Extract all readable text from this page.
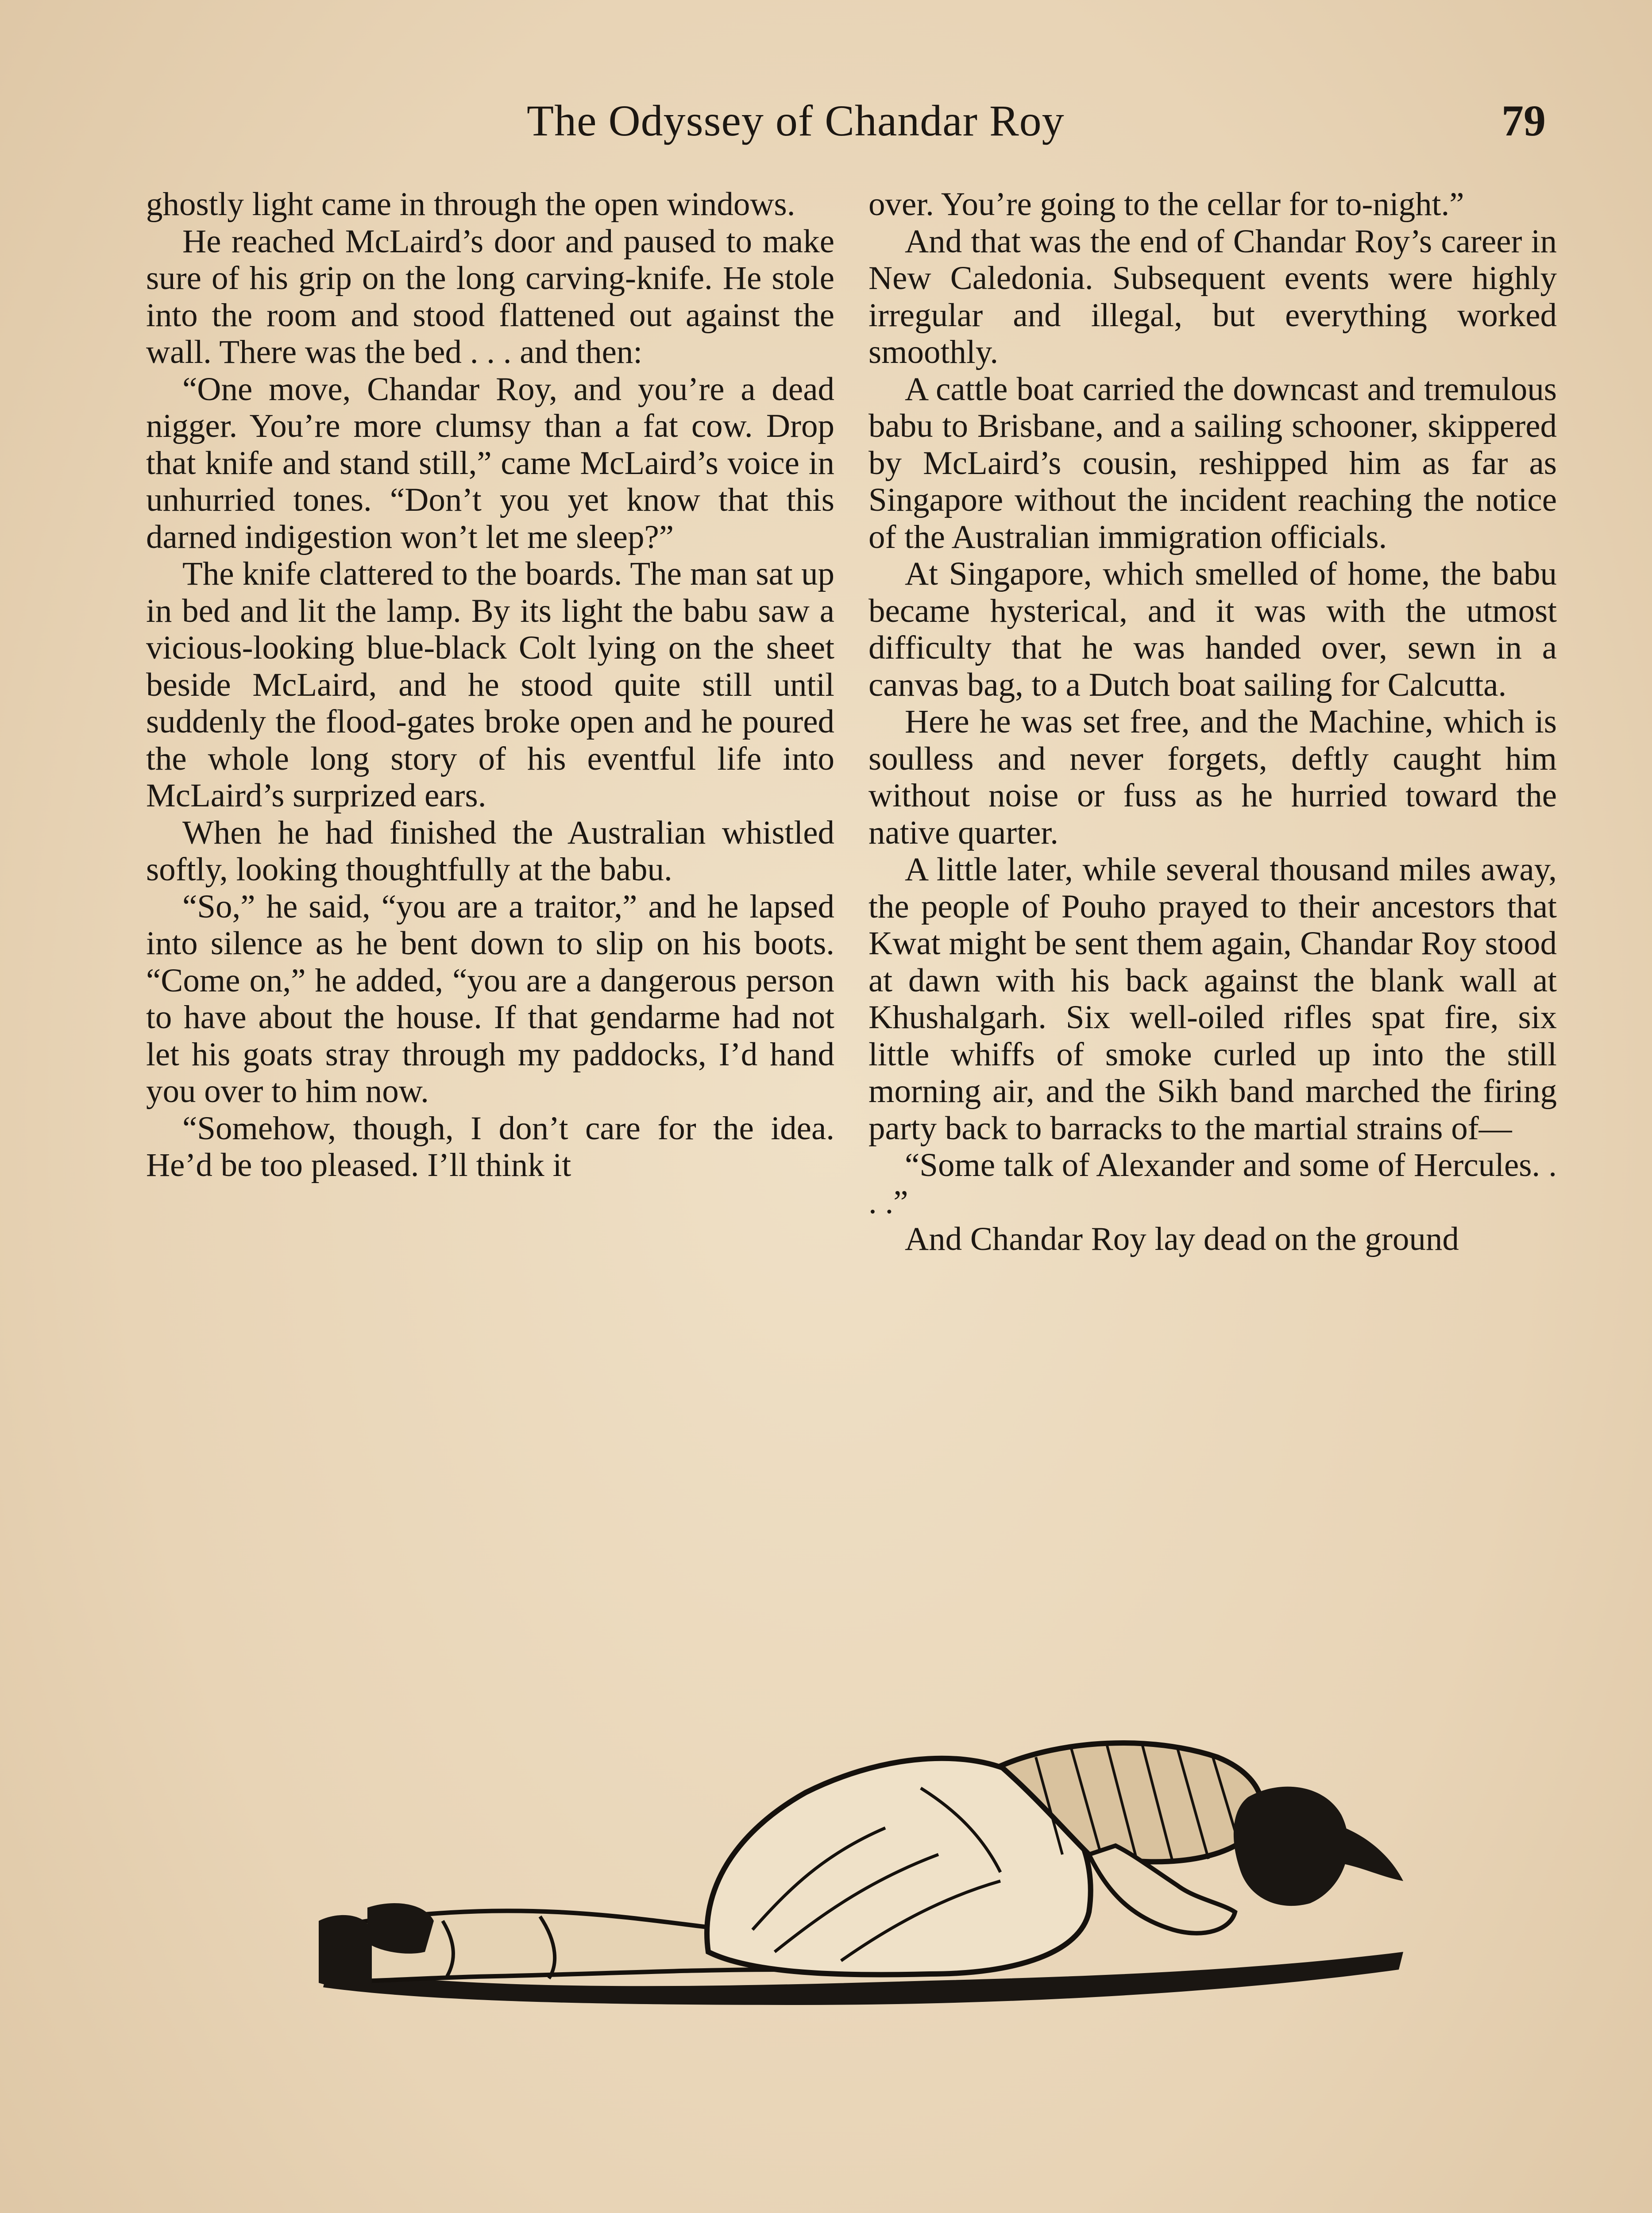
The Odyssey of Chandar Roy	79

ghostly light came in through the open windows.

He reached McLaird’s door and paused to make sure of his grip on the long carving-knife. He stole into the room and stood flattened out against the wall. There was the bed . . . and then:

“One move, Chandar Roy, and you’re a dead nigger. You’re more clumsy than a fat cow. Drop that knife and stand still,” came McLaird’s voice in unhurried tones. “Don’t you yet know that this darned indigestion won’t let me sleep?”

The knife clattered to the boards. The man sat up in bed and lit the lamp. By its light the babu saw a vicious-looking blue-black Colt lying on the sheet beside McLaird, and he stood quite still until suddenly the flood-gates broke open and he poured the whole long story of his eventful life into McLaird’s surprized ears.

When he had finished the Australian whistled softly, looking thoughtfully at the babu.

“So,” he said, “you are a traitor,” and he lapsed into silence as he bent down to slip on his boots. “Come on,” he added, “you are a dangerous person to have about the house. If that gendarme had not let his goats stray through my paddocks, I’d hand you over to him now.

“Somehow, though, I don’t care for the idea. He’d be too pleased. I’ll think it

over. You’re going to the cellar for to-night.”

And that was the end of Chandar Roy’s career in New Caledonia. Subsequent events were highly irregular and illegal, but everything worked smoothly.

A cattle boat carried the downcast and tremulous babu to Brisbane, and a sailing schooner, skippered by McLaird’s cousin, reshipped him as far as Singapore without the incident reaching the notice of the Australian immigration officials.

At Singapore, which smelled of home, the babu became hysterical, and it was with the utmost difficulty that he was handed over, sewn in a canvas bag, to a Dutch boat sailing for Calcutta.

Here he was set free, and the Machine, which is soulless and never forgets, deftly caught him without noise or fuss as he hurried toward the native quarter.

A little later, while several thousand miles away, the people of Pouho prayed to their ancestors that Kwat might be sent them again, Chandar Roy stood at dawn with his back against the blank wall at Khushalgarh. Six well-oiled rifles spat fire, six little whiffs of smoke curled up into the still morning air, and the Sikh band marched the firing party back to barracks to the martial strains of—

“Some talk of Alexander and some of Hercules. . . .”

And Chandar Roy lay dead on the ground
